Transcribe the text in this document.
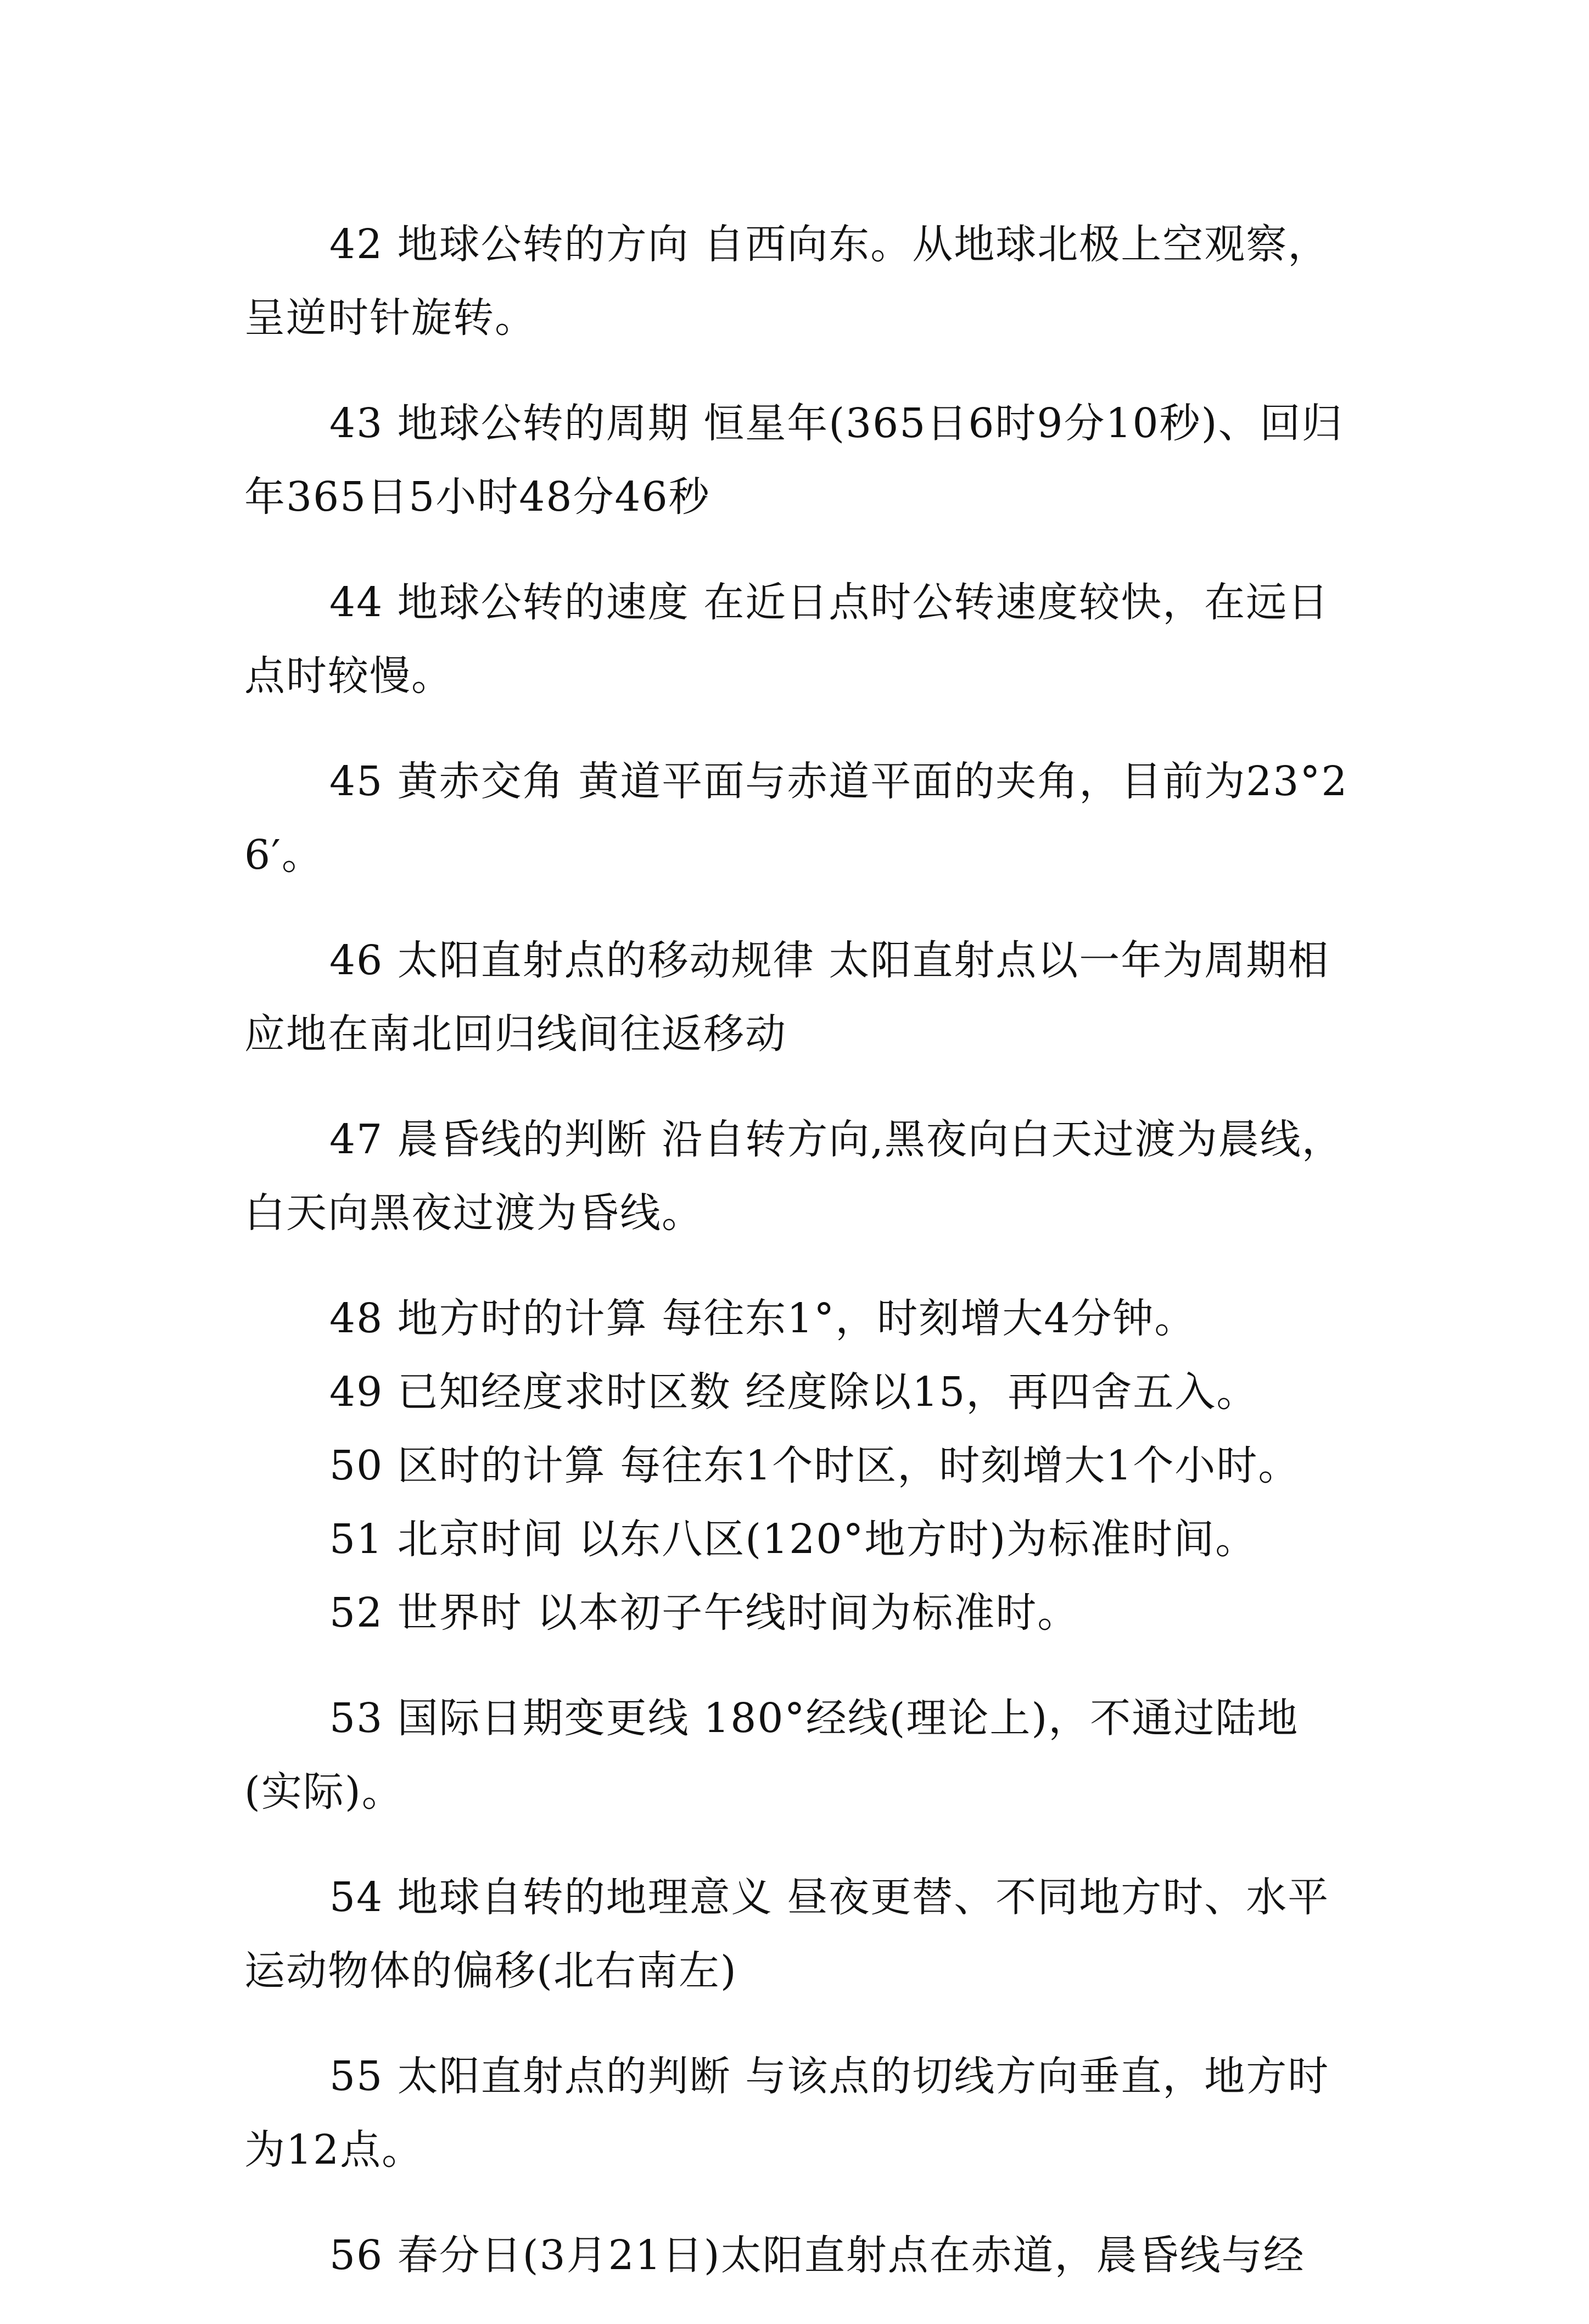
42 地球公转的方向 自西向东。从地球北极上空观察，呈逆时针旋转。

43 地球公转的周期 恒星年(365日6时9分10秒)、回归年365日5小时48分46秒

44 地球公转的速度 在近日点时公转速度较快，在远日点时较慢。

45 黄赤交角 黄道平面与赤道平面的夹角，目前为23°26′。

46 太阳直射点的移动规律 太阳直射点以一年为周期相应地在南北回归线间往返移动

47 晨昏线的判断 沿自转方向,黑夜向白天过渡为晨线，白天向黑夜过渡为昏线。

48 地方时的计算 每往东1°，时刻增大4分钟。

49 已知经度求时区数 经度除以15，再四舍五入。

50 区时的计算 每往东1个时区，时刻增大1个小时。

51 北京时间 以东八区(120°地方时)为标准时间。

52 世界时 以本初子午线时间为标准时。

53 国际日期变更线 180°经线(理论上)，不通过陆地(实际)。

54 地球自转的地理意义 昼夜更替、不同地方时、水平运动物体的偏移(北右南左)

55 太阳直射点的判断 与该点的切线方向垂直，地方时为12点。

56 春分日(3月21日)太阳直射点在赤道，晨昏线与经
